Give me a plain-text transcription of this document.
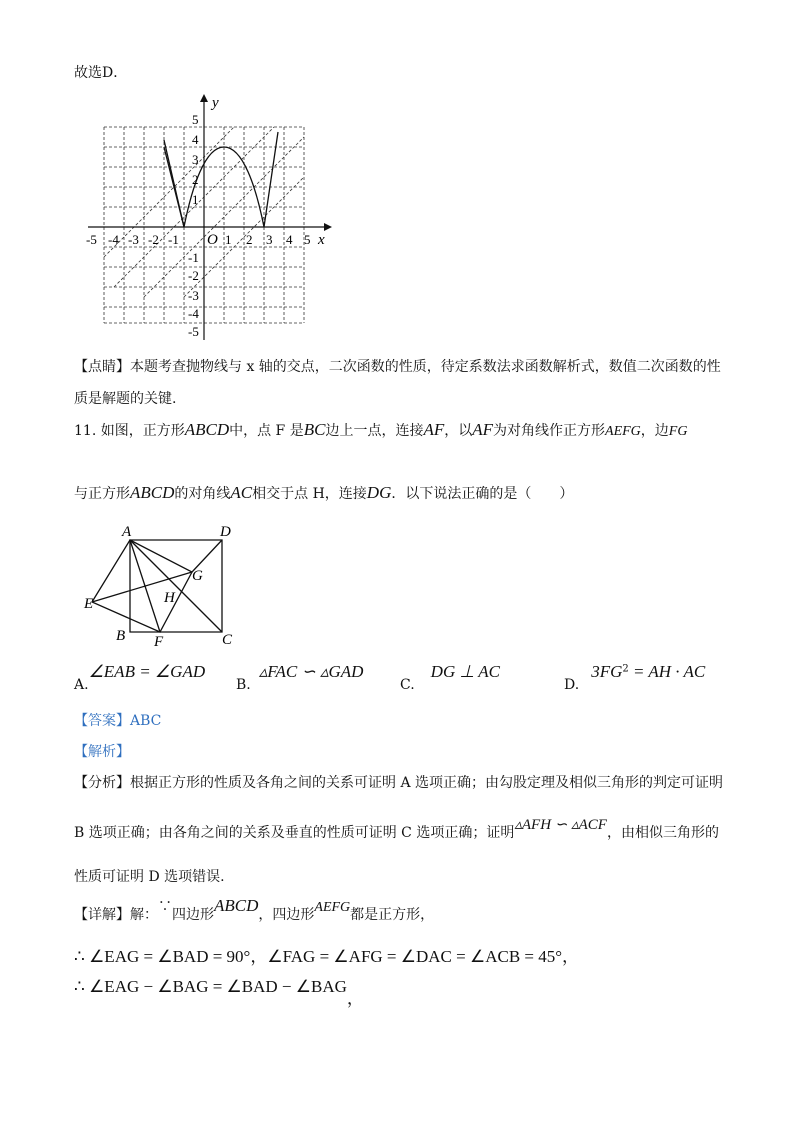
故选D．
y
x
O
-5 -4 -3 -2 -1	1 2 3 4 5
5
4
3
2
1
-1
-2
-3
-4
-5
【点睛】本题考查抛物线与 x 轴的交点，二次函数的性质，待定系数法求函数解析式，数值二次函数的性
质是解题的关键.
11. 如图，正方形ABCD中，点 F 是BC边上一点，连接AF，以AF为对角线作正方形AEFG，边FG
与正方形ABCD的对角线AC相交于点 H，连接DG．以下说法正确的是（　　）
A	D
E
G
H
B F	C
A.∠EAB = ∠GAD
B.▵FAC ∽ ▵GAD
C.DG ⊥ AC
$D.3FG^2$ = AH · AC
【答案】ABC
【解析】
【分析】根据正方形的性质及各角之间的关系可证明 A 选项正确；由勾股定理及相似三角形的判定可证明
B 选项正确；由各角之间的关系及垂直的性质可证明 C 选项正确；证明▵AFH ∽ ▵ACF，由相似三角形的
性质可证明 D 选项错误.
【详解】解：∵四边形ABCD，四边形AEFG都是正方形，
∴ ∠EAG = ∠BAD = 90°，∠FAG = ∠AFG = ∠DAC = ∠ACB = 45°，
∴ ∠EAG − ∠BAG = ∠BAD − ∠BAG，
